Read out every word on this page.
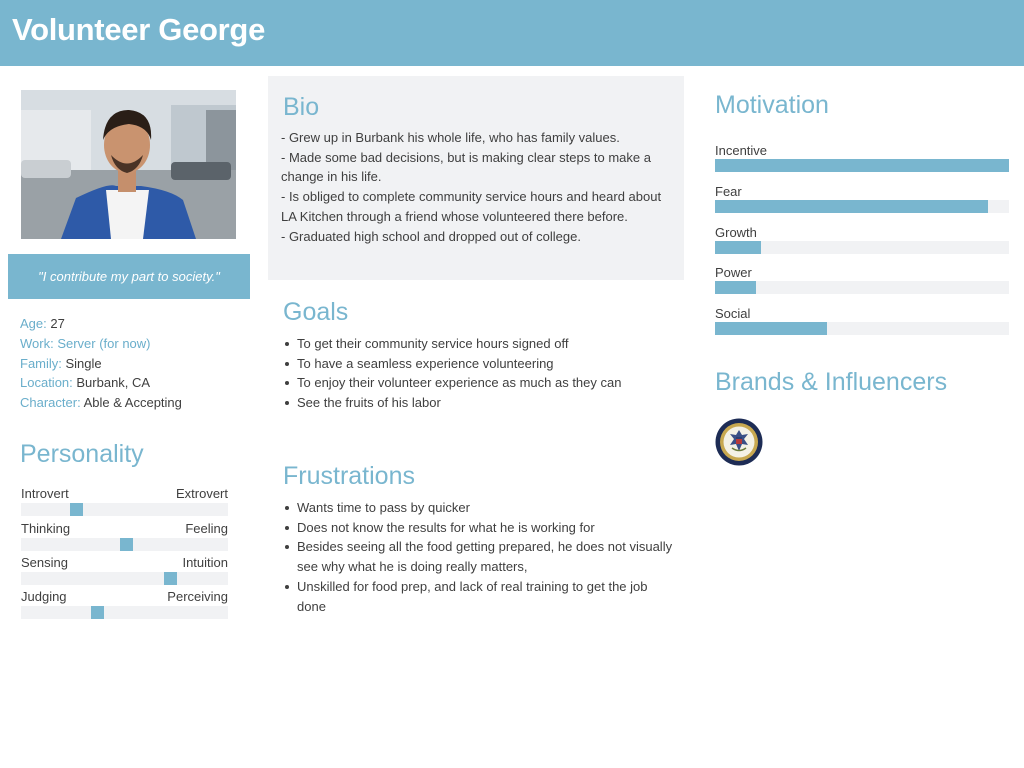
Volunteer George
"I contribute my part to society."
Age: 27
Work: Server (for now)
Family: Single
Location: Burbank, CA
Character: Able & Accepting
Personality
Introvert	Extrovert
Thinking	Feeling
Sensing	Intuition
Judging	Perceiving
Bio
- Grew up in Burbank his whole life, who has family values.
- Made some bad decisions, but is making clear steps to make a change in his life.
- Is obliged to complete community service hours and heard about LA Kitchen through a friend whose volunteered there before.
- Graduated high school and dropped out of college.
Goals
To get their community service hours signed off
To have a seamless experience volunteering
To enjoy their volunteer experience as much as they can
See the fruits of his labor
Frustrations
Wants time to pass by quicker
Does not know the results for what he is working for
Besides seeing all the food getting prepared, he does not visually see why what he is doing really matters,
Unskilled for food prep, and lack of real training to get the job done
Motivation
Incentive
Fear
Growth
Power
Social
Brands & Influencers
